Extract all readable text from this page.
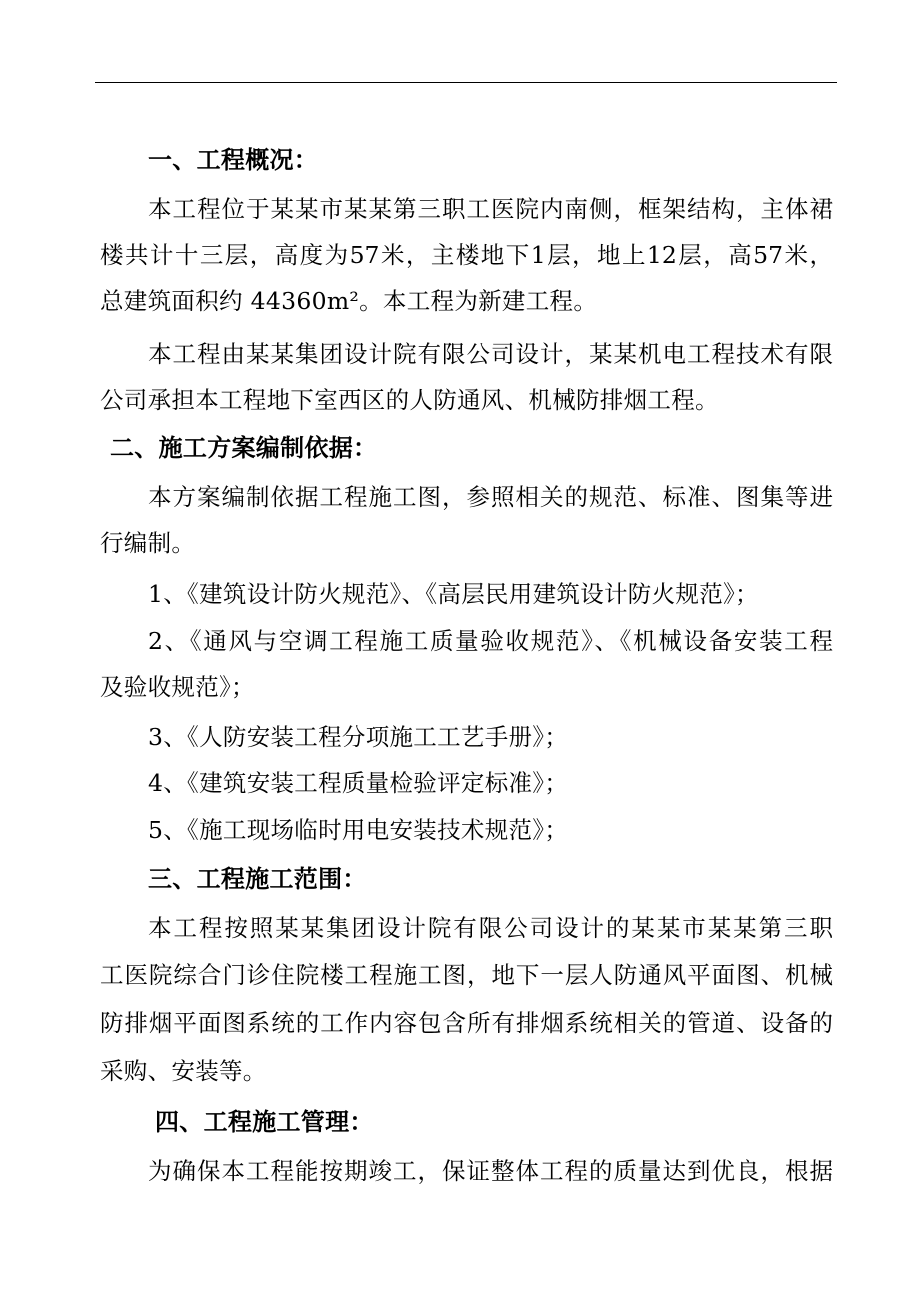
一、工程概况：
本工程位于某某市某某第三职工医院内南侧，框架结构，主体裙
楼共计十三层，高度为57米，主楼地下1层，地上12层，高57米，
总建筑面积约 44360m²。本工程为新建工程。
本工程由某某集团设计院有限公司设计，某某机电工程技术有限
公司承担本工程地下室西区的人防通风、机械防排烟工程。
二、施工方案编制依据：
本方案编制依据工程施工图，参照相关的规范、标准、图集等进
行编制。
1、《建筑设计防火规范》、《高层民用建筑设计防火规范》；
2、《通风与空调工程施工质量验收规范》、《机械设备安装工程
及验收规范》；
3、《人防安装工程分项施工工艺手册》；
4、《建筑安装工程质量检验评定标准》；
5、《施工现场临时用电安装技术规范》；
三、工程施工范围：
本工程按照某某集团设计院有限公司设计的某某市某某第三职
工医院综合门诊住院楼工程施工图，地下一层人防通风平面图、机械
防排烟平面图系统的工作内容包含所有排烟系统相关的管道、设备的
采购、安装等。
四、工程施工管理：
为确保本工程能按期竣工，保证整体工程的质量达到优良，根据
